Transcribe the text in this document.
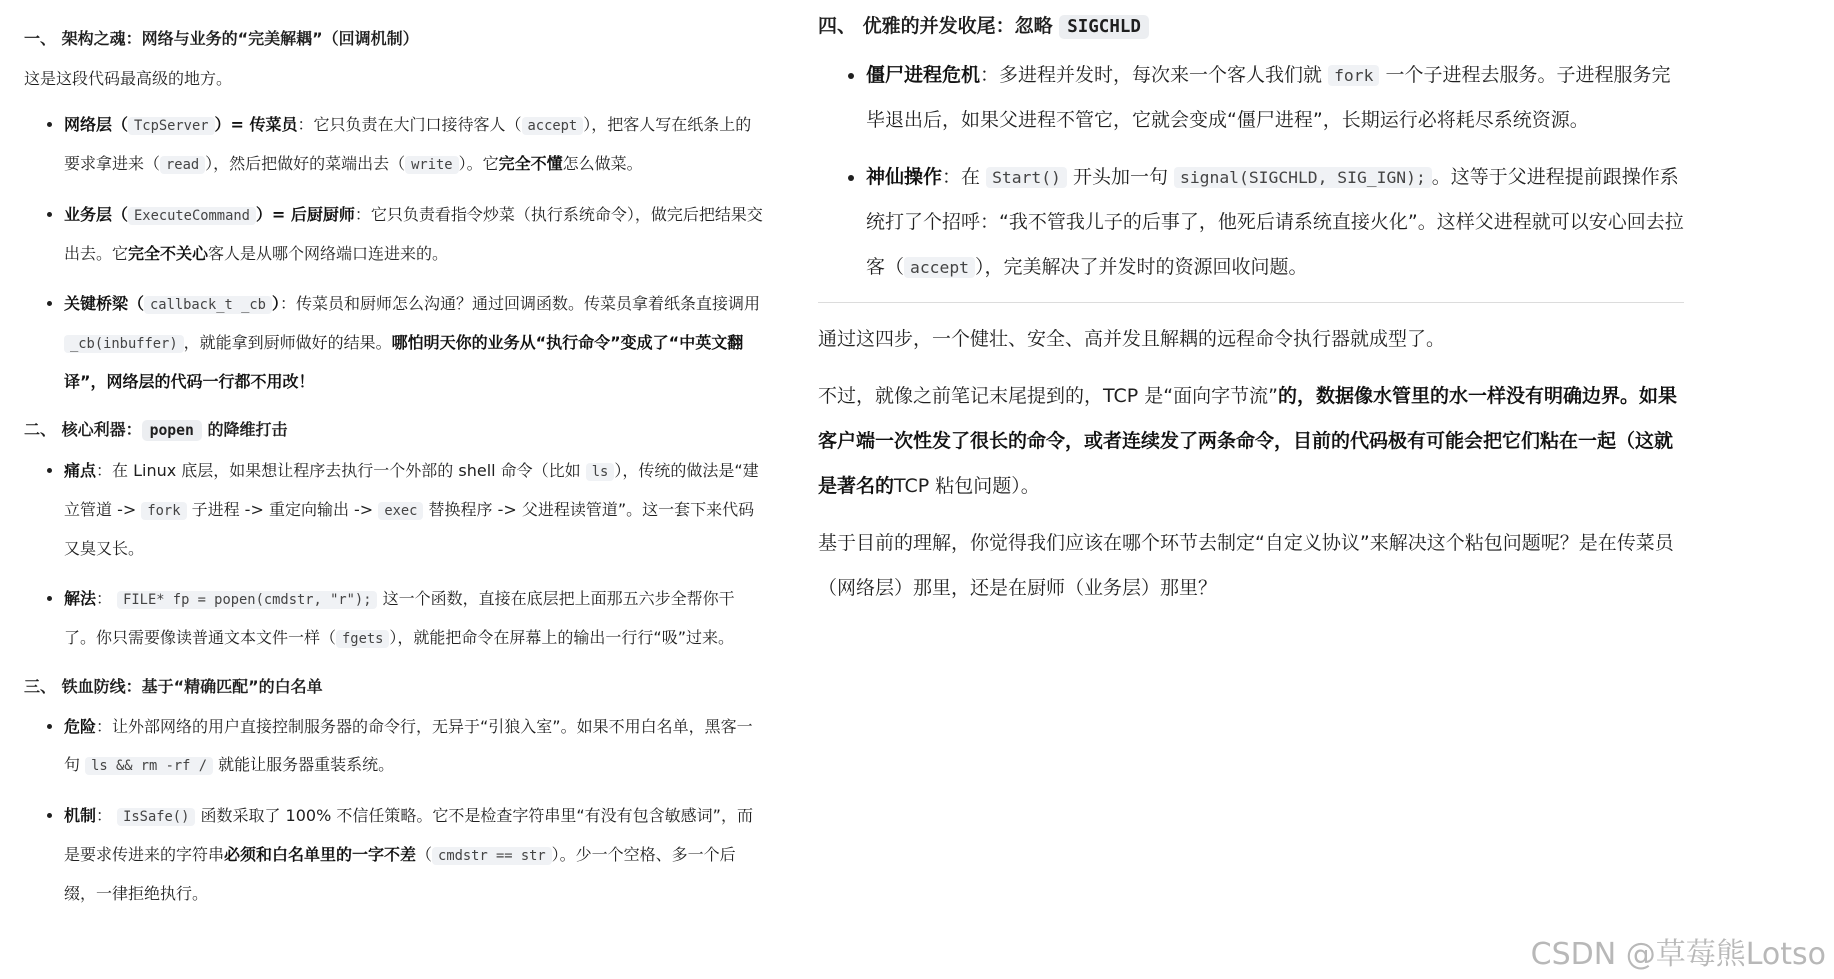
一、 架构之魂：网络与业务的“完美解耦”（回调机制）

这是这段代码最高级的地方。

• 网络层（ TcpServer ）= 传菜员：它只负责在大门口接待客人（ accept ），把客人写在纸条上的要求拿进来（ read ），然后把做好的菜端出去（ write ）。它完全不懂怎么做菜。
• 业务层（ ExecuteCommand ）= 后厨厨师：它只负责看指令炒菜（执行系统命令），做完后把结果交出去。它完全不关心客人是从哪个网络端口连进来的。
• 关键桥梁（ callback_t _cb ）：传菜员和厨师怎么沟通？通过回调函数。传菜员拿着纸条直接调用_cb(inbuffer) ，就能拿到厨师做好的结果。哪怕明天你的业务从“执行命令”变成了“中英文翻译”，网络层的代码一行都不用改！
二、 核心利器： popen 的降维打击
• 痛点：在 Linux 底层，如果想让程序去执行一个外部的 shell 命令（比如 ls ），传统的做法是“建立管道 -> fork 子进程 -> 重定向输出 -> exec 替换程序 -> 父进程读管道”。这一套下来代码又臭又长。
• 解法： FILE* fp = popen(cmdstr, "r"); 这一个函数，直接在底层把上面那五六步全帮你干了。你只需要像读普通文本文件一样（ fgets ），就能把命令在屏幕上的输出一行行“吸”过来。
三、 铁血防线：基于“精确匹配”的白名单
• 危险：让外部网络的用户直接控制服务器的命令行，无异于“引狼入室”。如果不用白名单，黑客一句 ls && rm -rf / 就能让服务器重装系统。
• 机制： IsSafe() 函数采取了 100% 不信任策略。它不是检查字符串里“有没有包含敏感词”，而是要求传进来的字符串必须和白名单里的一字不差（ cmdstr == str ）。少一个空格、多一个后缀，一律拒绝执行。
四、 优雅的并发收尾：忽略 SIGCHLD
• 僵尸进程危机：多进程并发时，每次来一个客人我们就 fork 一个子进程去服务。子进程服务完毕退出后，如果父进程不管它，它就会变成“僵尸进程”，长期运行必将耗尽系统资源。
• 神仙操作：在 Start() 开头加一句 signal(SIGCHLD, SIG_IGN); 。这等于父进程提前跟操作系统打了个招呼：“我不管我儿子的后事了，他死后请系统直接火化”。这样父进程就可以安心回去拉客（ accept ），完美解决了并发时的资源回收问题。

通过这四步，一个健壮、安全、高并发且解耦的远程命令执行器就成型了。

不过，就像之前笔记末尾提到的，TCP 是“面向字节流”的，数据像水管里的水一样没有明确边界。如果客户端一次性发了很长的命令，或者连续发了两条命令，目前的代码极有可能会把它们粘在一起（这就是著名的TCP 粘包问题）。

基于目前的理解，你觉得我们应该在哪个环节去制定“自定义协议”来解决这个粘包问题呢？是在传菜员（网络层）那里，还是在厨师（业务层）那里？

CSDN @草莓熊Lotso
